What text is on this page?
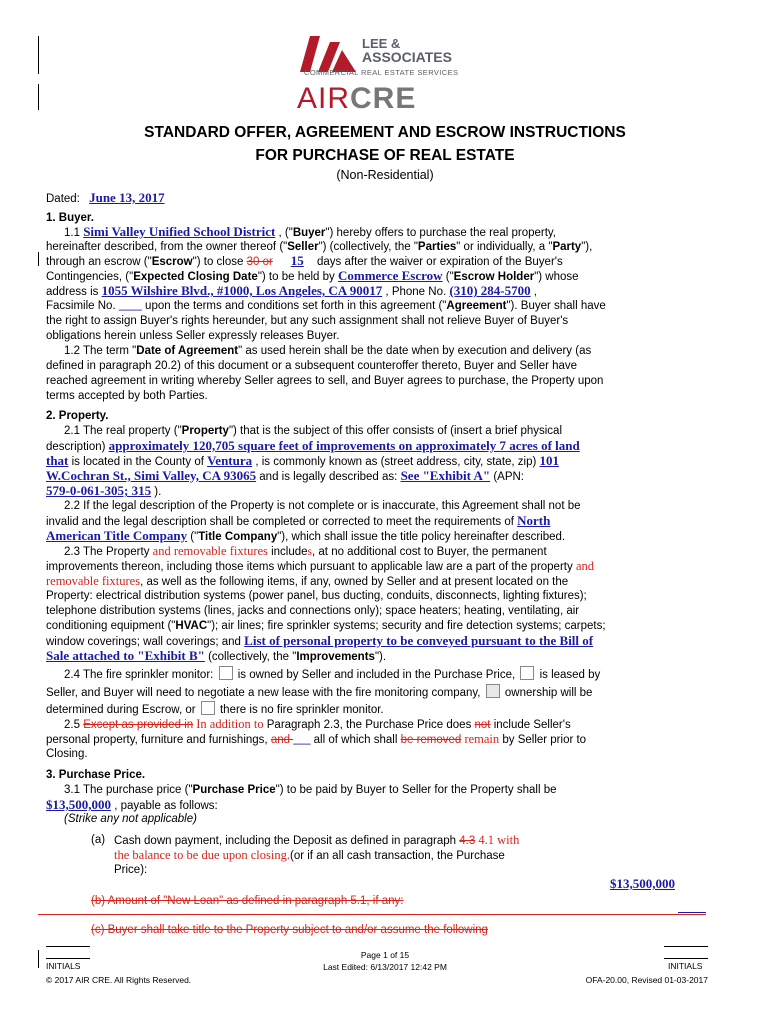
LEE &
ASSOCIATES
COMMERCIAL REAL ESTATE SERVICES
AIRCRE
STANDARD OFFER, AGREEMENT AND ESCROW INSTRUCTIONS
FOR PURCHASE OF REAL ESTATE
(Non-Residential)
Dated: June 13, 2017
1. Buyer.
1.1 Simi Valley Unified School District , ("Buyer") hereby offers to purchase the real property,
hereinafter described, from the owner thereof ("Seller") (collectively, the "Parties" or individually, a "Party"),
through an escrow ("Escrow") to close 30 or 15 days after the waiver or expiration of the Buyer's
Contingencies, ("Expected Closing Date") to be held by Commerce Escrow ("Escrow Holder") whose
address is 1055 Wilshire Blvd., #1000, Los Angeles, CA 90017 , Phone No. (310) 284-5700 ,
Facsimile No. ____ upon the terms and conditions set forth in this agreement ("Agreement"). Buyer shall have
the right to assign Buyer's rights hereunder, but any such assignment shall not relieve Buyer of Buyer's
obligations herein unless Seller expressly releases Buyer.
1.2 The term "Date of Agreement" as used herein shall be the date when by execution and delivery (as
defined in paragraph 20.2) of this document or a subsequent counteroffer thereto, Buyer and Seller have
reached agreement in writing whereby Seller agrees to sell, and Buyer agrees to purchase, the Property upon
terms accepted by both Parties.
2. Property.
2.1 The real property ("Property") that is the subject of this offer consists of (insert a brief physical
description) approximately 120,705 square feet of improvements on approximately 7 acres of land
that is located in the County of Ventura , is commonly known as (street address, city, state, zip) 101
W.Cochran St., Simi Valley, CA 93065 and is legally described as: See "Exhibit A" (APN:
579-0-061-305; 315 ).
2.2 If the legal description of the Property is not complete or is inaccurate, this Agreement shall not be
invalid and the legal description shall be completed or corrected to meet the requirements of North
American Title Company ("Title Company"), which shall issue the title policy hereinafter described.
2.3 The Property and removable fixtures includes, at no additional cost to Buyer, the permanent
improvements thereon, including those items which pursuant to applicable law are a part of the property and
removable fixtures, as well as the following items, if any, owned by Seller and at present located on the
Property: electrical distribution systems (power panel, bus ducting, conduits, disconnects, lighting fixtures);
telephone distribution systems (lines, jacks and connections only); space heaters; heating, ventilating, air
conditioning equipment ("HVAC"); air lines; fire sprinkler systems; security and fire detection systems; carpets;
window coverings; wall coverings; and List of personal property to be conveyed pursuant to the Bill of
Sale attached to "Exhibit B" (collectively, the "Improvements").
2.4 The fire sprinkler monitor:  is owned by Seller and included in the Purchase Price,  is leased by
Seller, and Buyer will need to negotiate a new lease with the fire monitoring company,  ownership will be
determined during Escrow, or  there is no fire sprinkler monitor.
2.5 Except as provided in In addition to Paragraph 2.3, the Purchase Price does not include Seller's
personal property, furniture and furnishings, and ___ all of which shall be removed remain by Seller prior to
Closing.
3. Purchase Price.
3.1 The purchase price ("Purchase Price") to be paid by Buyer to Seller for the Property shall be
$13,500,000 , payable as follows:
(Strike any not applicable)
(a) Cash down payment, including the Deposit as defined in paragraph 4.3 4.1 with
the balance to be due upon closing.(or if an all cash transaction, the Purchase
Price):
$13,500,000
(b) Amount of "New Loan" as defined in paragraph 5.1, if any:
(c) Buyer shall take title to the Property subject to and/or assume the following
INITIALS	INITIALS
Page 1 of 15
Last Edited: 6/13/2017 12:42 PM
© 2017 AIR CRE. All Rights Reserved.	OFA-20.00, Revised 01-03-2017
